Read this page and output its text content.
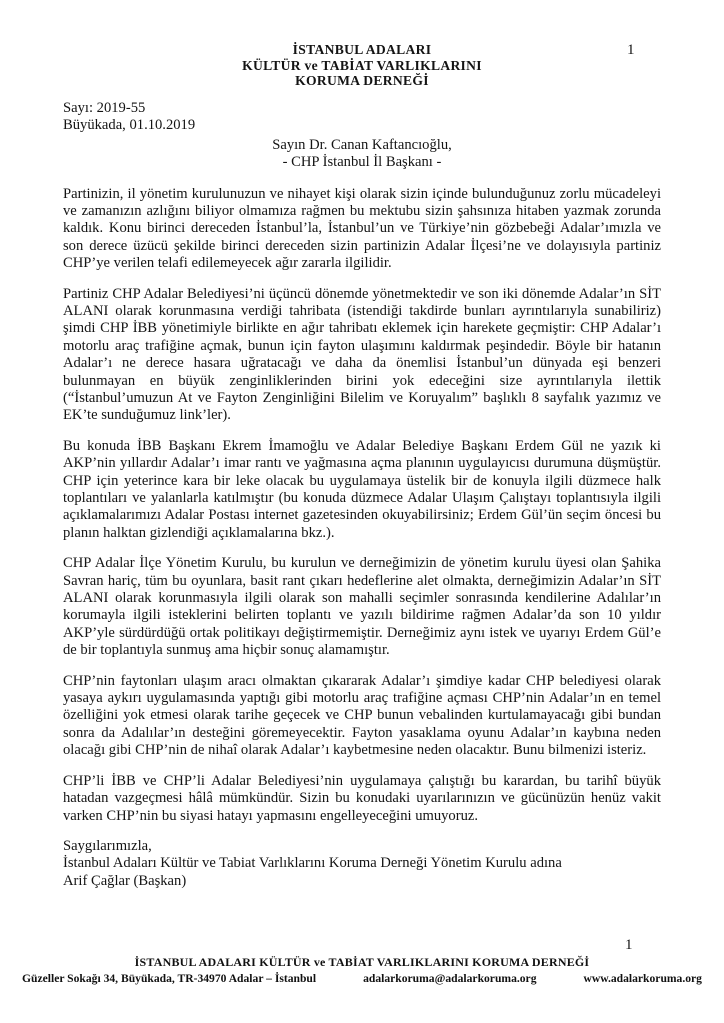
1
İSTANBUL ADALARI
KÜLTÜR ve TABİAT VARLIKLARINI
KORUMA DERNEĞİ
Sayı: 2019-55
Büyükada, 01.10.2019
Sayın Dr. Canan Kaftancıoğlu,
- CHP İstanbul İl Başkanı -

Partinizin, il yönetim kurulunuzun ve nihayet kişi olarak sizin içinde bulunduğunuz zorlu mücadeleyi ve zamanızın azlığını biliyor olmamıza rağmen bu mektubu sizin şahsınıza hitaben yazmak zorunda kaldık. Konu birinci dereceden İstanbul’la, İstanbul’un ve Türkiye’nin gözbebeği Adalar’ımızla ve son derece üzücü şekilde birinci dereceden sizin partinizin Adalar İlçesi’ne ve dolayısıyla partiniz CHP’ye verilen telafi edilemeyecek ağır zararla ilgilidir.

Partiniz CHP Adalar Belediyesi’ni üçüncü dönemde yönetmektedir ve son iki dönemde Adalar’ın SİT ALANI olarak korunmasına verdiği tahribata (istendiği takdirde bunları ayrıntılarıyla sunabiliriz) şimdi CHP İBB yönetimiyle birlikte en ağır tahribatı eklemek için harekete geçmiştir: CHP Adalar’ı motorlu araç trafiğine açmak, bunun için fayton ulaşımını kaldırmak peşindedir. Böyle bir hatanın Adalar’ı ne derece hasara uğratacağı ve daha da önemlisi İstanbul’un dünyada eşi benzeri bulunmayan en büyük zenginliklerinden birini yok edeceğini size ayrıntılarıyla ilettik (“İstanbul’umuzun At ve Fayton Zenginliğini Bilelim ve Koruyalım” başlıklı 8 sayfalık yazımız ve EK’te sunduğumuz link’ler).

Bu konuda İBB Başkanı Ekrem İmamoğlu ve Adalar Belediye Başkanı Erdem Gül ne yazık ki AKP’nin yıllardır Adalar’ı imar rantı ve yağmasına açma planının uygulayıcısı durumuna düşmüştür. CHP için yeterince kara bir leke olacak bu uygulamaya üstelik bir de konuyla ilgili düzmece halk toplantıları ve yalanlarla katılmıştır (bu konuda düzmece Adalar Ulaşım Çalıştayı toplantısıyla ilgili açıklamalarımızı Adalar Postası internet gazetesinden okuyabilirsiniz; Erdem Gül’ün seçim öncesi bu planın halktan gizlendiği açıklamalarına bkz.).

CHP Adalar İlçe Yönetim Kurulu, bu kurulun ve derneğimizin de yönetim kurulu üyesi olan Şahika Savran hariç, tüm bu oyunlara, basit rant çıkarı hedeflerine alet olmakta, derneğimizin Adalar’ın SİT ALANI olarak korunmasıyla ilgili olarak son mahalli seçimler sonrasında kendilerine Adalılar’ın korumayla ilgili isteklerini belirten toplantı ve yazılı bildirime rağmen Adalar’da son 10 yıldır AKP’yle sürdürdüğü ortak politikayı değiştirmemiştir. Derneğimiz aynı istek ve uyarıyı Erdem Gül’e de bir toplantıyla sunmuş ama hiçbir sonuç alamamıştır.

CHP’nin faytonları ulaşım aracı olmaktan çıkararak Adalar’ı şimdiye kadar CHP belediyesi olarak yasaya aykırı uygulamasında yaptığı gibi motorlu araç trafiğine açması CHP’nin Adalar’ın en temel özelliğini yok etmesi olarak tarihe geçecek ve CHP bunun vebalinden kurtulamayacağı gibi bundan sonra da Adalılar’ın desteğini göremeyecektir. Fayton yasaklama oyunu Adalar’ın kaybına neden olacağı gibi CHP’nin de nihaî olarak Adalar’ı kaybetmesine neden olacaktır. Bunu bilmenizi isteriz.

CHP’li İBB ve CHP’li Adalar Belediyesi’nin uygulamaya çalıştığı bu karardan, bu tarihî büyük hatadan vazgeçmesi hâlâ mümkündür. Sizin bu konudaki uyarılarınızın ve gücünüzün henüz vakit varken CHP’nin bu siyasi hatayı yapmasını engelleyeceğini umuyoruz.

Saygılarımızla,
İstanbul Adaları Kültür ve Tabiat Varlıklarını Koruma Derneği Yönetim Kurulu adına
Arif Çağlar (Başkan)
1
İSTANBUL ADALARI KÜLTÜR ve TABİAT VARLIKLARINI KORUMA DERNEĞİ
Güzeller Sokağı 34, Büyükada, TR-34970 Adalar – İstanbul	adalarkoruma@adalarkoruma.org	www.adalarkoruma.org
